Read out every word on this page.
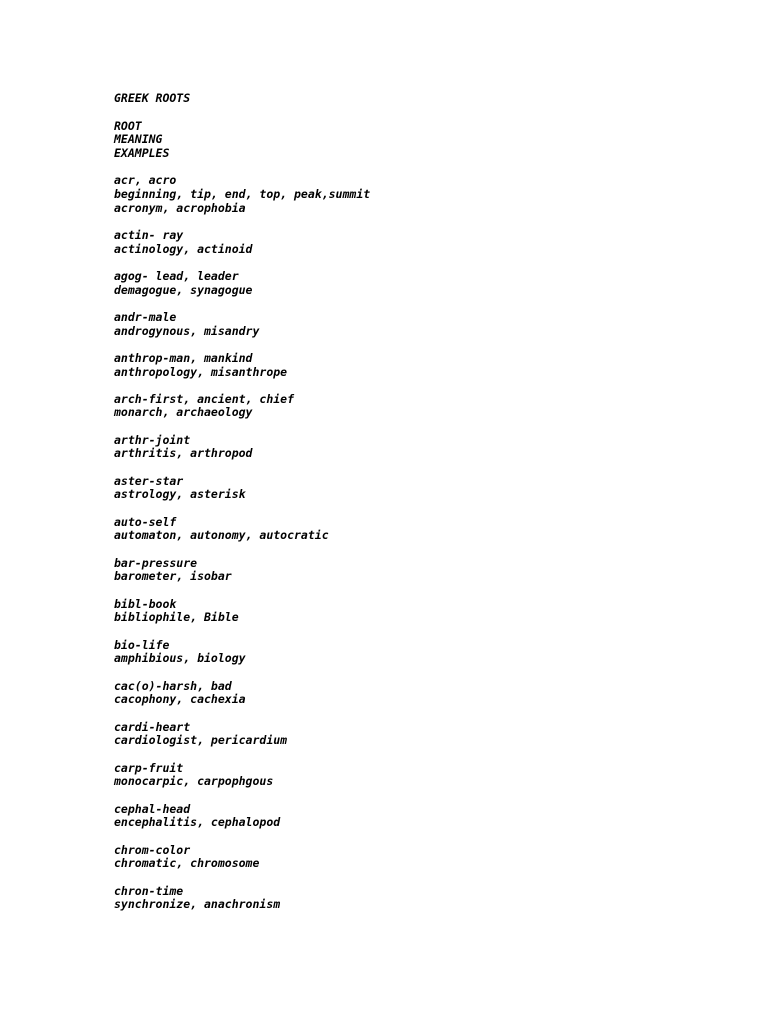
GREEK ROOTS
ROOT
MEANING
EXAMPLES
acr, acro
beginning, tip, end, top, peak,summit
acronym, acrophobia
actin- ray
actinology, actinoid
agog- lead, leader
demagogue, synagogue
andr-male
androgynous, misandry
anthrop-man, mankind
anthropology, misanthrope
arch-first, ancient, chief
monarch, archaeology
arthr-joint
arthritis, arthropod
aster-star
astrology, asterisk
auto-self
automaton, autonomy, autocratic
bar-pressure
barometer, isobar
bibl-book
bibliophile, Bible
bio-life
amphibious, biology
cac(o)-harsh, bad
cacophony, cachexia
cardi-heart
cardiologist, pericardium
carp-fruit
monocarpic, carpophgous
cephal-head
encephalitis, cephalopod
chrom-color
chromatic, chromosome
chron-time
synchronize, anachronism
